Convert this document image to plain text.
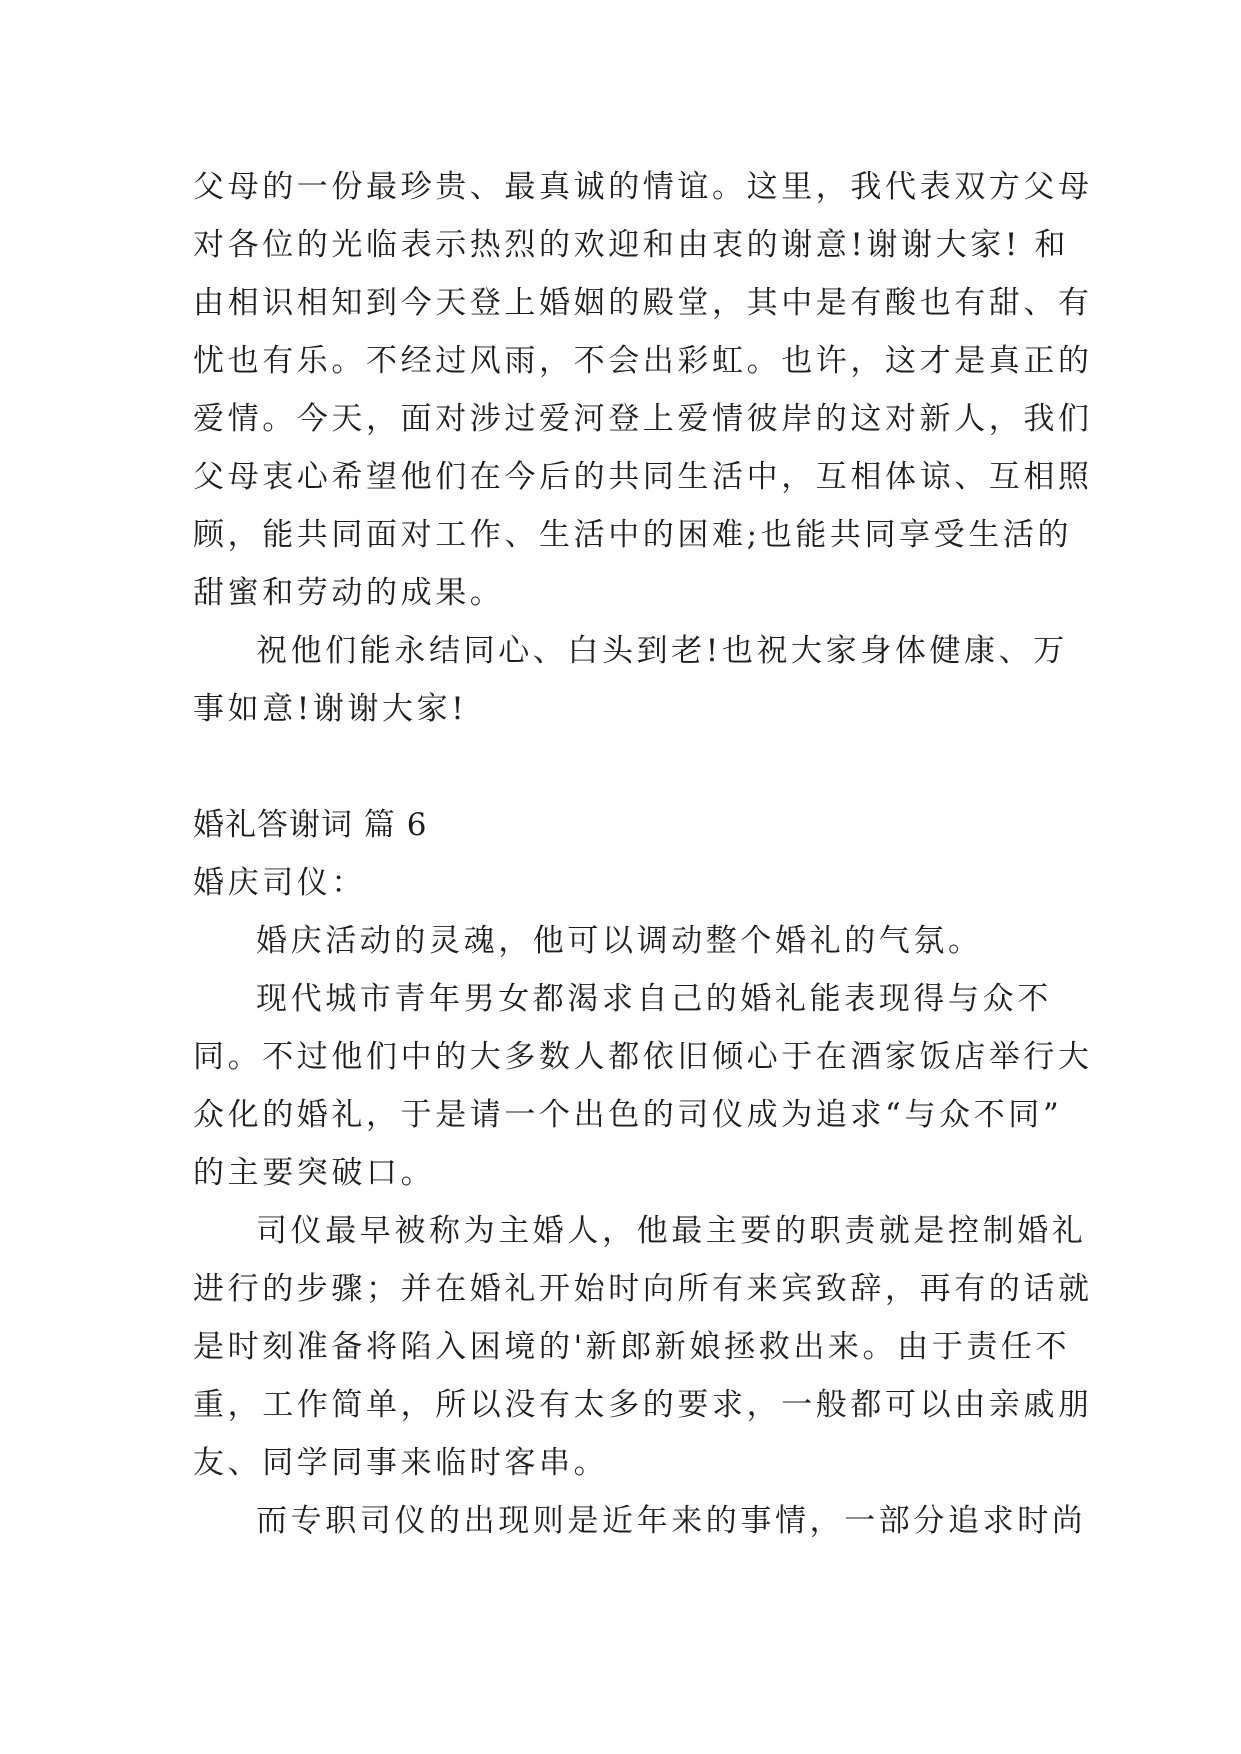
父母的一份最珍贵、最真诚的情谊。这里，我代表双方父母
对各位的光临表示热烈的欢迎和由衷的谢意!谢谢大家! 和
由相识相知到今天登上婚姻的殿堂，其中是有酸也有甜、有
忧也有乐。不经过风雨，不会出彩虹。也许，这才是真正的
爱情。今天，面对涉过爱河登上爱情彼岸的这对新人，我们
父母衷心希望他们在今后的共同生活中，互相体谅、互相照
顾，能共同面对工作、生活中的困难;也能共同享受生活的
甜蜜和劳动的成果。
祝他们能永结同心、白头到老!也祝大家身体健康、万
事如意!谢谢大家!
婚礼答谢词 篇 6
婚庆司仪：
婚庆活动的灵魂，他可以调动整个婚礼的气氛。
现代城市青年男女都渴求自己的婚礼能表现得与众不
同。不过他们中的大多数人都依旧倾心于在酒家饭店举行大
众化的婚礼，于是请一个出色的司仪成为追求“与众不同”
的主要突破口。
司仪最早被称为主婚人，他最主要的职责就是控制婚礼
进行的步骤；并在婚礼开始时向所有来宾致辞，再有的话就
是时刻准备将陷入困境的'新郎新娘拯救出来。由于责任不
重，工作简单，所以没有太多的要求，一般都可以由亲戚朋
友、同学同事来临时客串。
而专职司仪的出现则是近年来的事情，一部分追求时尚
